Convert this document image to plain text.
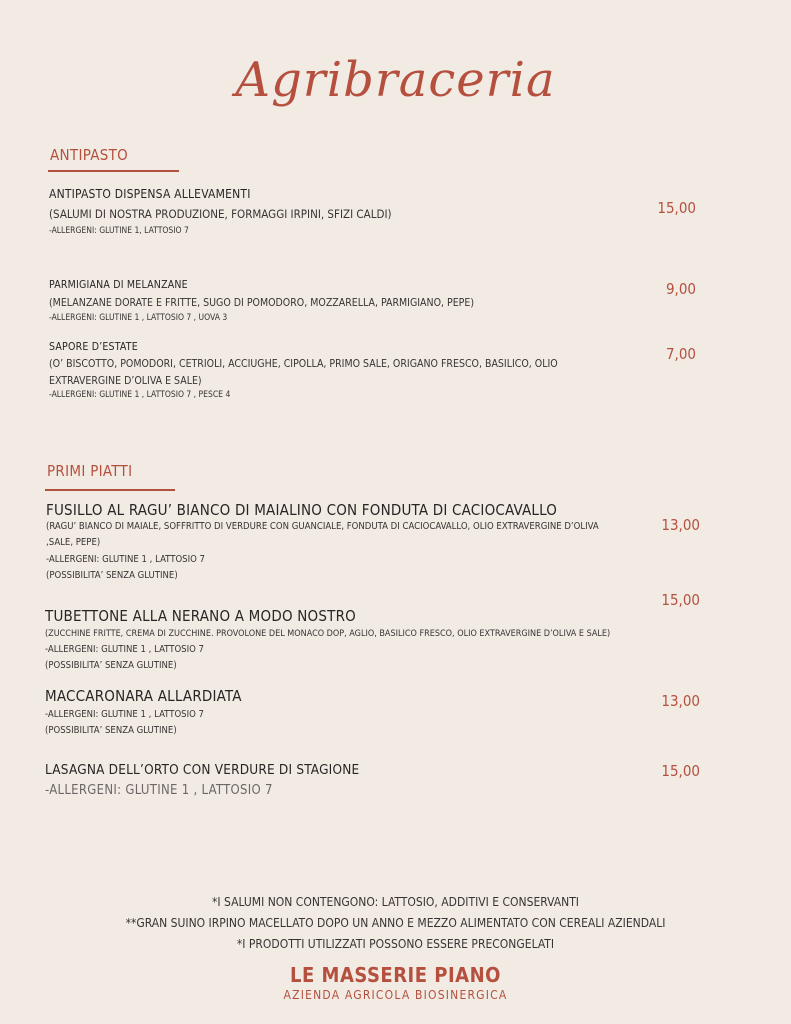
Agribraceria
ANTIPASTO
ANTIPASTO DISPENSA ALLEVAMENTI
(SALUMI DI NOSTRA PRODUZIONE, FORMAGGI IRPINI, SFIZI CALDI)
-ALLERGENI: GLUTINE 1, LATTOSIO 7
15,00
PARMIGIANA DI MELANZANE
(MELANZANE DORATE E FRITTE, SUGO DI POMODORO, MOZZARELLA, PARMIGIANO, PEPE)
-ALLERGENI: GLUTINE 1 , LATTOSIO 7 , UOVA 3
9,00
SAPORE D’ESTATE
(O’ BISCOTTO, POMODORI, CETRIOLI, ACCIUGHE, CIPOLLA, PRIMO SALE, ORIGANO FRESCO, BASILICO, OLIO EXTRAVERGINE D’OLIVA E SALE)
-ALLERGENI: GLUTINE 1 , LATTOSIO 7 , PESCE 4
7,00
PRIMI PIATTI
FUSILLO AL RAGU’ BIANCO DI MAIALINO CON FONDUTA DI CACIOCAVALLO
(RAGU’ BIANCO DI MAIALE, SOFFRITTO DI VERDURE CON GUANCIALE, FONDUTA DI CACIOCAVALLO, OLIO EXTRAVERGINE D’OLIVA ,SALE, PEPE)
-ALLERGENI: GLUTINE 1 , LATTOSIO 7
(POSSIBILITA’ SENZA GLUTINE)
13,00
TUBETTONE ALLA NERANO A MODO NOSTRO
(ZUCCHINE FRITTE, CREMA DI ZUCCHINE. PROVOLONE DEL MONACO DOP, AGLIO, BASILICO FRESCO, OLIO EXTRAVERGINE D’OLIVA E SALE)
-ALLERGENI: GLUTINE 1 , LATTOSIO 7
(POSSIBILITA’ SENZA GLUTINE)
15,00
MACCARONARA ALLARDIATA
-ALLERGENI: GLUTINE 1 , LATTOSIO 7
(POSSIBILITA’ SENZA GLUTINE)
13,00
LASAGNA DELL’ORTO CON VERDURE DI STAGIONE
-ALLERGENI: GLUTINE 1 , LATTOSIO 7
15,00
*I SALUMI NON CONTENGONO: LATTOSIO, ADDITIVI E CONSERVANTI
**GRAN SUINO IRPINO MACELLATO DOPO UN ANNO E MEZZO ALIMENTATO CON CEREALI AZIENDALI
*I PRODOTTI UTILIZZATI POSSONO ESSERE PRECONGELATI
LE MASSERIE PIANO
AZIENDA AGRICOLA BIOSINERGICA
